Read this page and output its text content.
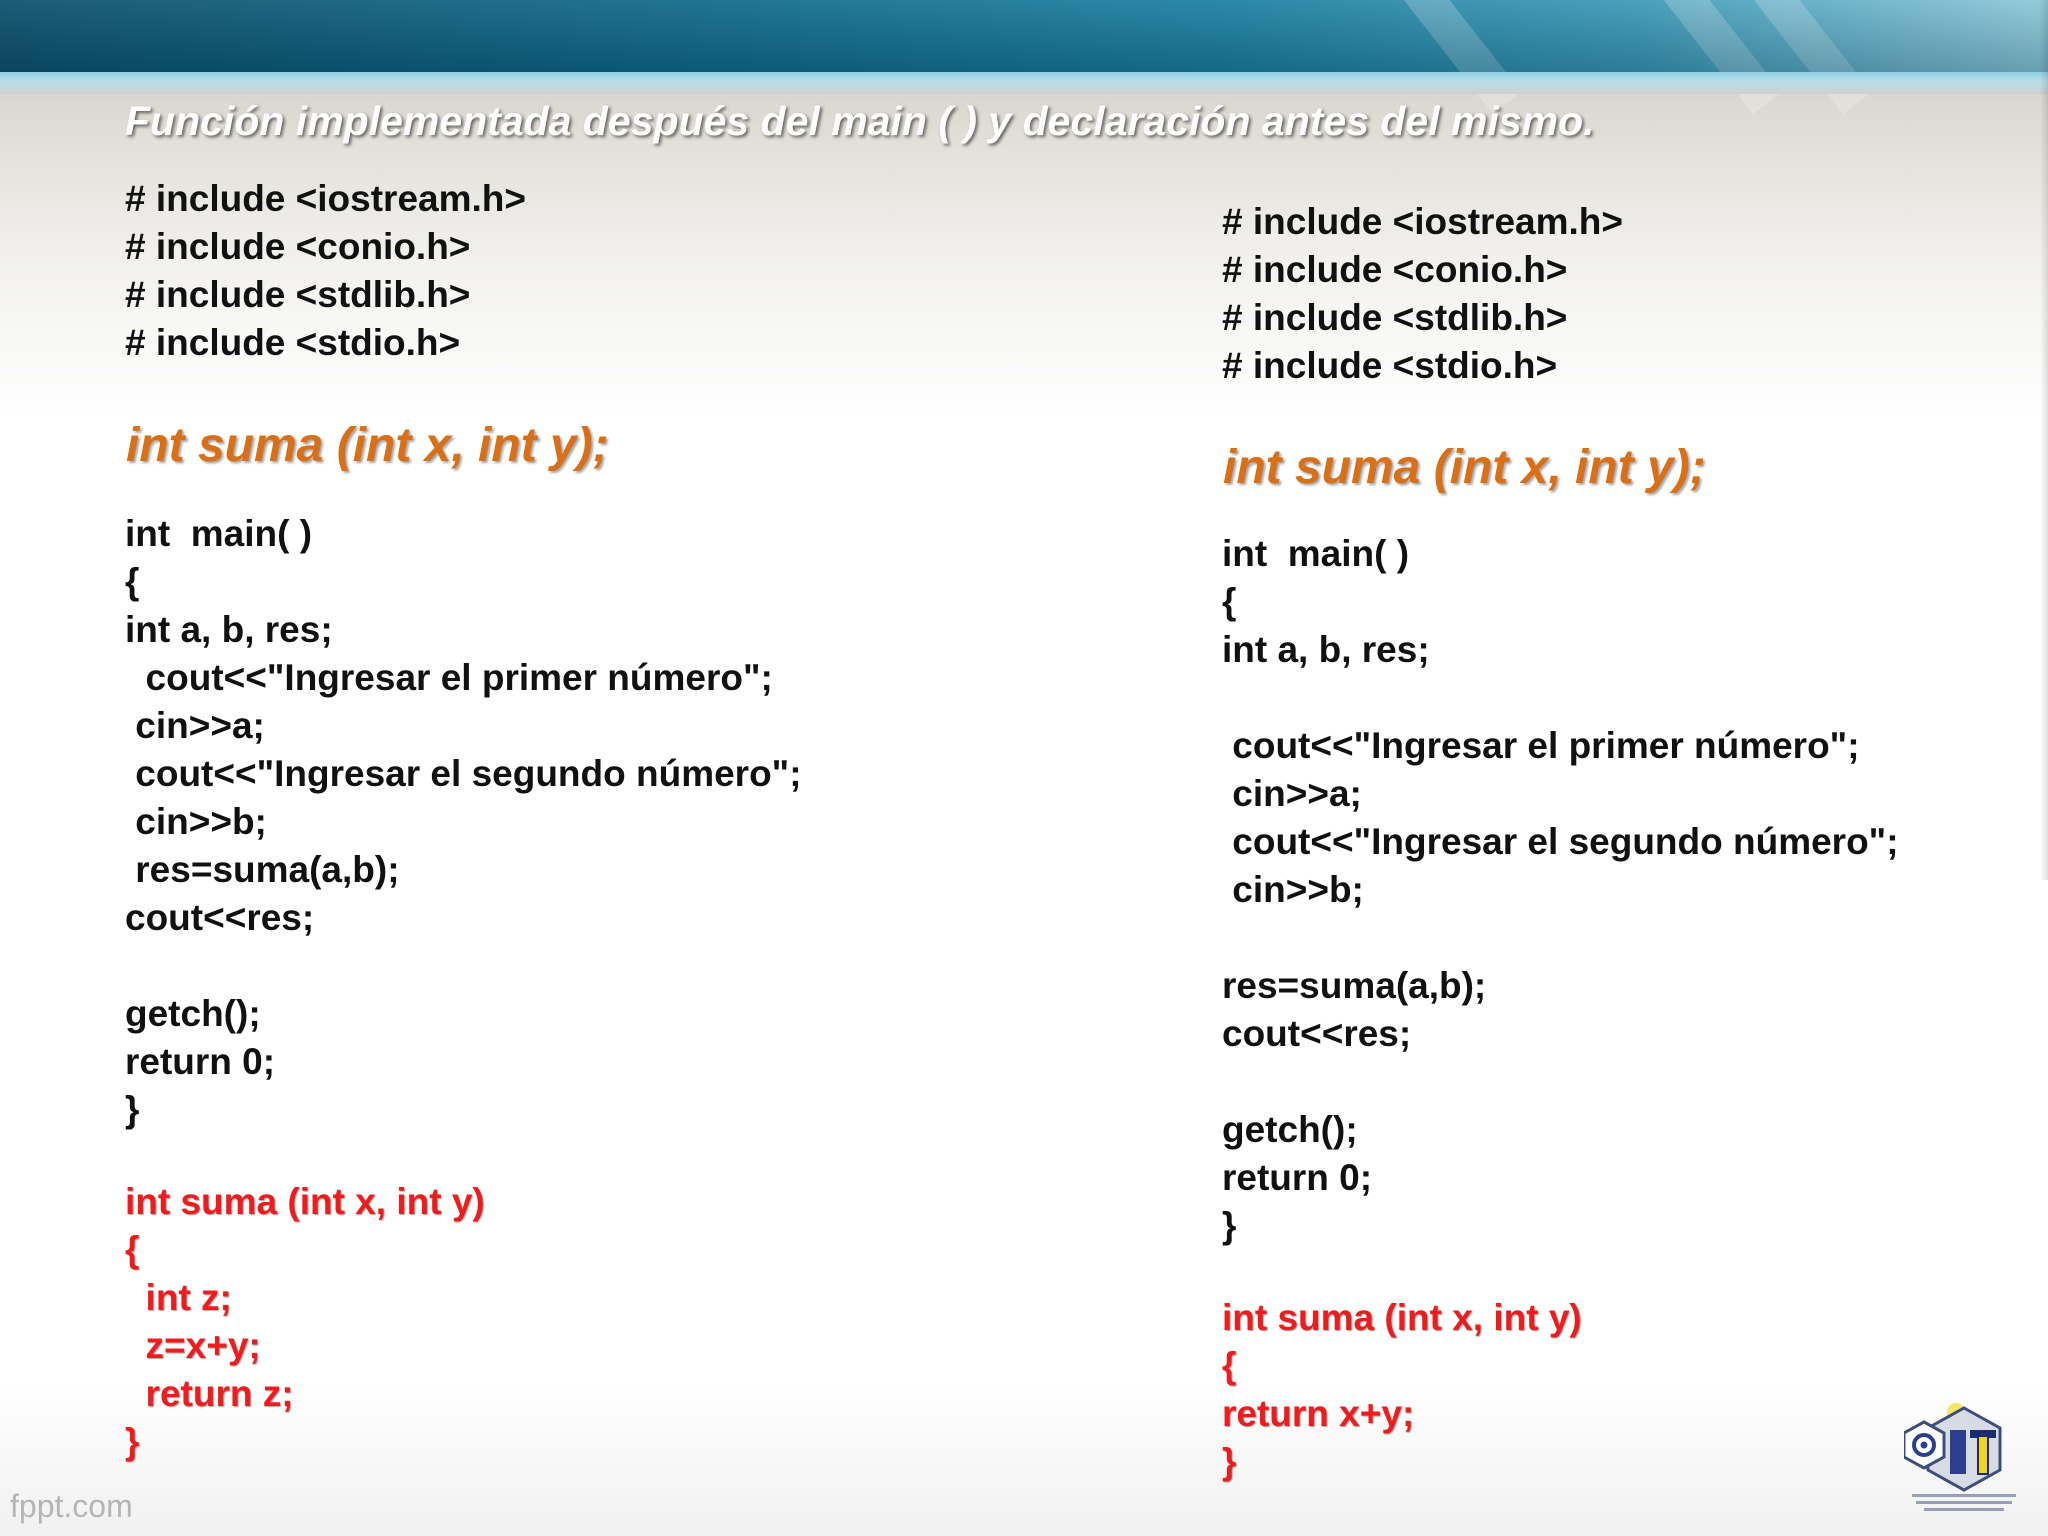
Función implementada después del main ( ) y declaración antes del mismo.
# include <iostream.h>
# include <conio.h>
# include <stdlib.h>
# include <stdio.h>
int suma (int x, int y);
int  main( )
{
int a, b, res;
cout<<"Ingresar el primer número";
cin>>a;
cout<<"Ingresar el segundo número";
cin>>b;
res=suma(a,b);
cout<<res;
getch();
return 0;
}
int suma (int x, int y)
{
int z;
z=x+y;
return z;
}
# include <iostream.h>
# include <conio.h>
# include <stdlib.h>
# include <stdio.h>
int suma (int x, int y);
int  main( )
{
int a, b, res;
cout<<"Ingresar el primer número";
cin>>a;
cout<<"Ingresar el segundo número";
cin>>b;
res=suma(a,b);
cout<<res;
getch();
return 0;
}
int suma (int x, int y)
{
return x+y;
}
fppt.com
